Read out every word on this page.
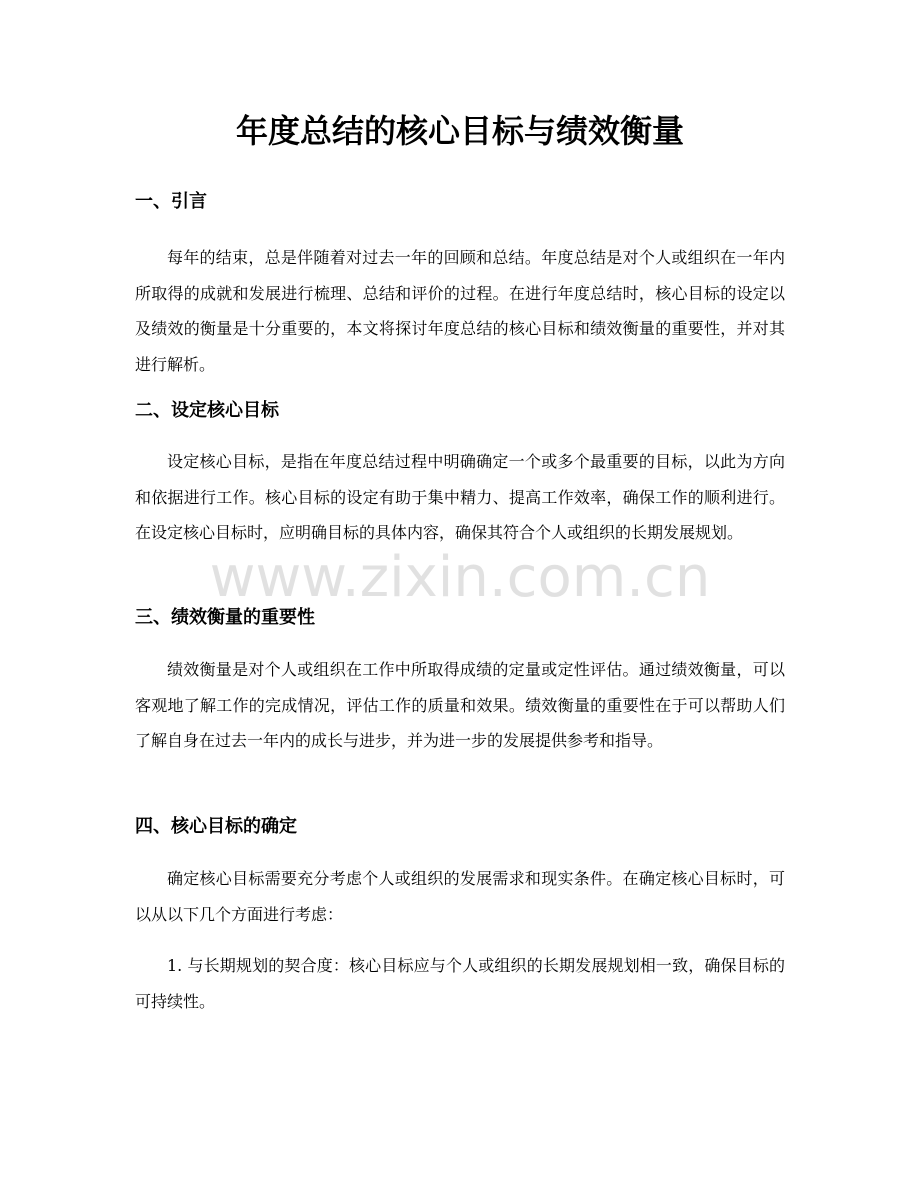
年度总结的核心目标与绩效衡量
一、引言

每年的结束，总是伴随着对过去一年的回顾和总结。年度总结是对个人或组织在一年内所取得的成就和发展进行梳理、总结和评价的过程。在进行年度总结时，核心目标的设定以及绩效的衡量是十分重要的，本文将探讨年度总结的核心目标和绩效衡量的重要性，并对其进行解析。

二、设定核心目标

设定核心目标，是指在年度总结过程中明确确定一个或多个最重要的目标，以此为方向和依据进行工作。核心目标的设定有助于集中精力、提高工作效率，确保工作的顺利进行。在设定核心目标时，应明确目标的具体内容，确保其符合个人或组织的长期发展规划。

三、绩效衡量的重要性

绩效衡量是对个人或组织在工作中所取得成绩的定量或定性评估。通过绩效衡量，可以客观地了解工作的完成情况，评估工作的质量和效果。绩效衡量的重要性在于可以帮助人们了解自身在过去一年内的成长与进步，并为进一步的发展提供参考和指导。

四、核心目标的确定

确定核心目标需要充分考虑个人或组织的发展需求和现实条件。在确定核心目标时，可以从以下几个方面进行考虑：

1. 与长期规划的契合度：核心目标应与个人或组织的长期发展规划相一致，确保目标的可持续性。

www.zixin.com.cn
